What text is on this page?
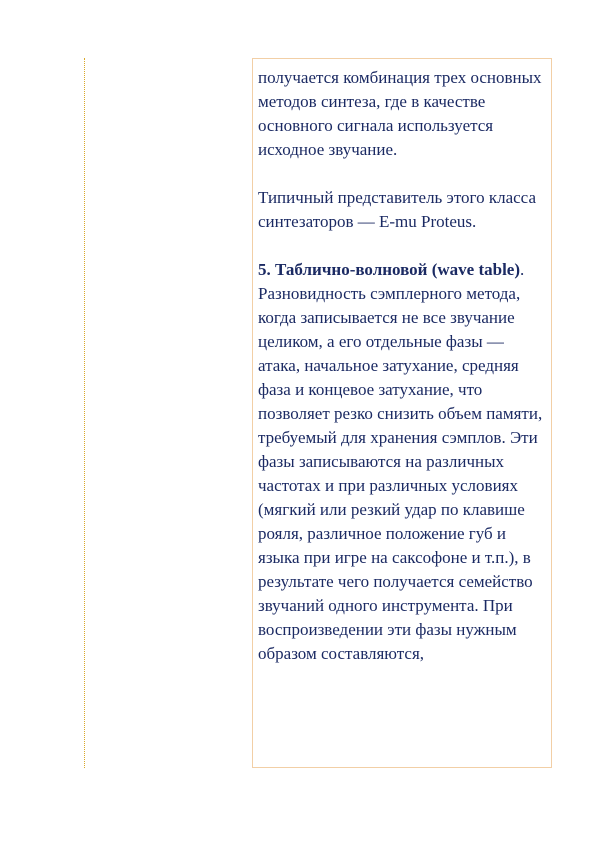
получается комбинация трех основных методов синтеза, где в качестве основного сигнала используется исходное звучание.

Типичный представитель этого класса синтезаторов — E-mu Proteus.

5. Таблично-волновой (wave table). Разновидность сэмплерного метода, когда записывается не все звучание целиком, а его отдельные фазы — атака, начальное затухание, средняя фаза и концевое затухание, что позволяет резко снизить объем памяти, требуемый для хранения сэмплов. Эти фазы записываются на различных частотах и при различных условиях (мягкий или резкий удар по клавише рояля, различное положение губ и языка при игре на саксофоне и т.п.), в результате чего получается семейство звучаний одного инструмента. При воспроизведении эти фазы нужным образом составляются,
